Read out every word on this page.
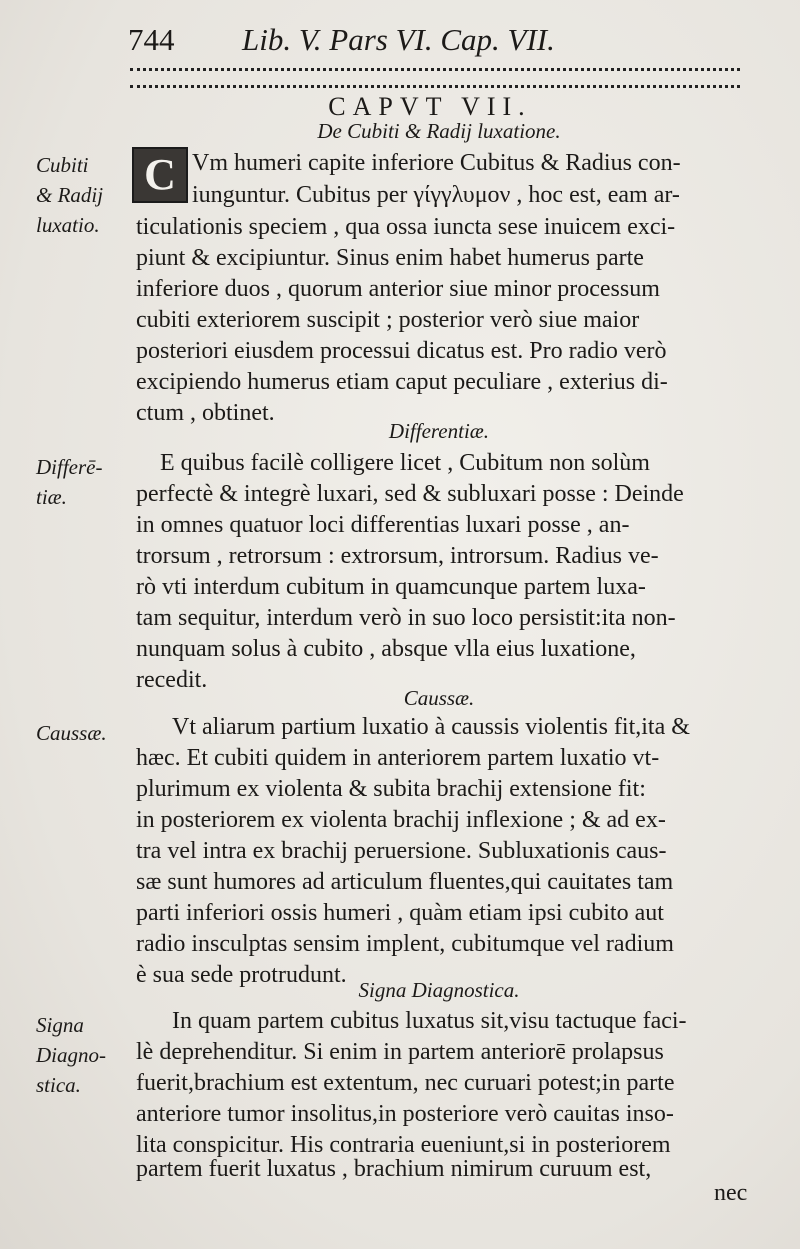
744 Lib. V. Pars VI. Cap. VII.
CAPVT VII.
De Cubiti & Radij luxatione.
Cubiti
& Radij
luxatio.
C Vm humeri capite inferiore Cubitus & Radius con-
iunguntur. Cubitus per γίγγλυμον , hoc est, eam ar-
ticulationis speciem , qua ossa iuncta sese inuicem exci-
piunt & excipiuntur. Sinus enim habet humerus parte
inferiore duos , quorum anterior siue minor processum
cubiti exteriorem suscipit ; posterior verò siue maior
posteriori eiusdem processui dicatus est. Pro radio verò
excipiendo humerus etiam caput peculiare , exterius di-
ctum , obtinet.
Differentiæ.
Differē-
tiæ.
E quibus facilè colligere licet , Cubitum non solùm
perfectè & integrè luxari, sed & subluxari posse : Deinde
in omnes quatuor loci differentias luxari posse , an-
trorsum , retrorsum : extrorsum, introrsum. Radius ve-
rò vti interdum cubitum in quamcunque partem luxa-
tam sequitur, interdum verò in suo loco persistit:ita non-
nunquam solus à cubito , absque vlla eius luxatione,
recedit.
Caussæ.
Caussæ.	Vt aliarum partium luxatio à caussis violentis fit,ita &
hæc. Et cubiti quidem in anteriorem partem luxatio vt-
plurimum ex violenta & subita brachij extensione fit:
in posteriorem ex violenta brachij inflexione ; & ad ex-
tra vel intra ex brachij peruersione. Subluxationis caus-
sæ sunt humores ad articulum fluentes,qui cauitates tam
parti inferiori ossis humeri , quàm etiam ipsi cubito aut
radio insculptas sensim implent, cubitumque vel radium
è sua sede protrudunt.
Signa Diagnostica.
Signa
Diagno-
stica.
In quam partem cubitus luxatus sit,visu tactuque faci-
lè deprehenditur. Si enim in partem anteriorē prolapsus
fuerit,brachium est extentum, nec curuari potest;in parte
anteriore tumor insolitus,in posteriore verò cauitas inso-
lita conspicitur. His contraria eueniunt,si in posteriorem
partem fuerit luxatus , brachium nimirum curuum est,
nec
